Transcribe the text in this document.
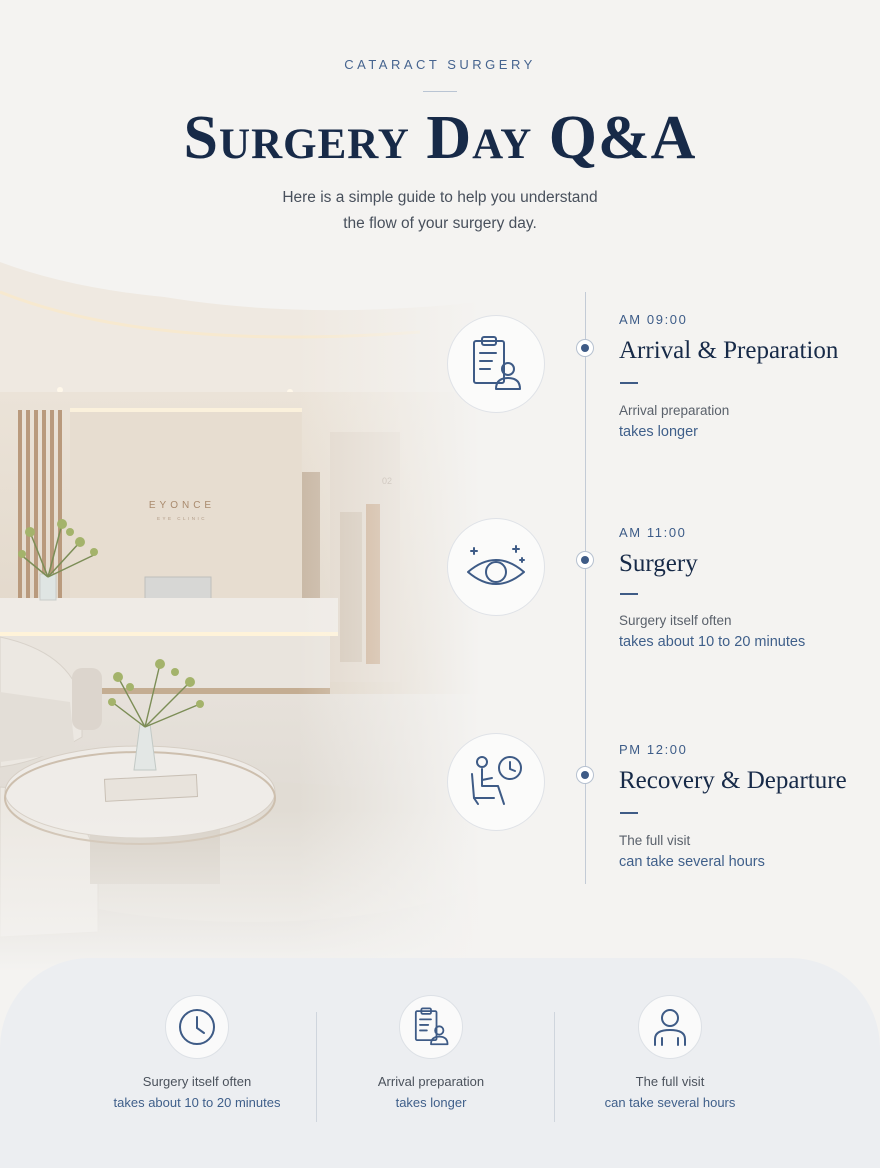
CATARACT SURGERY
Surgery Day Q&A
Here is a simple guide to help you understand
the flow of your surgery day.
AM 09:00
Arrival & Preparation
Arrival preparation
takes longer
AM 11:00
Surgery
Surgery itself often
takes about 10 to 20 minutes
PM 12:00
Recovery & Departure
The full visit
can take several hours
Surgery itself often
takes about 10 to 20 minutes
Arrival preparation
takes longer
The full visit
can take several hours
